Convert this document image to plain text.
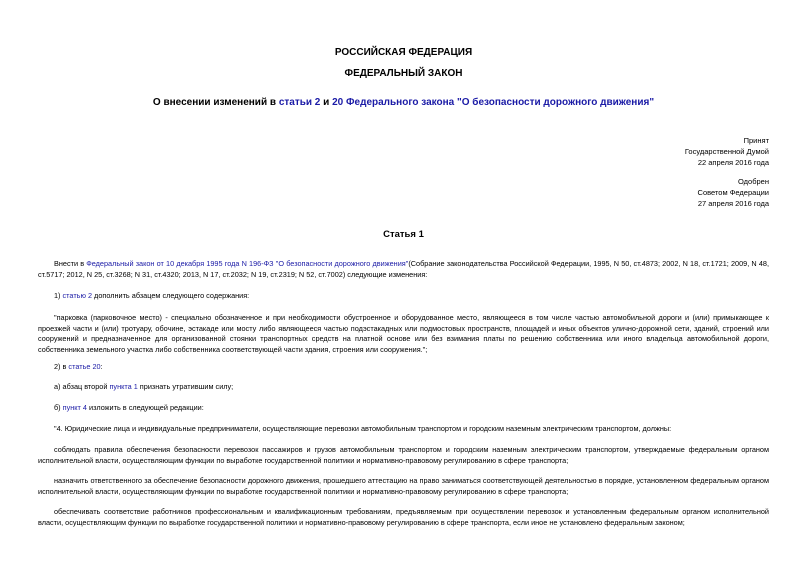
РОССИЙСКАЯ ФЕДЕРАЦИЯ
ФЕДЕРАЛЬНЫЙ ЗАКОН
О внесении изменений в статьи 2 и 20 Федерального закона "О безопасности дорожного движения"
Принят
Государственной Думой
22 апреля 2016 года
Одобрен
Советом Федерации
27 апреля 2016 года
Статья 1
Внести в Федеральный закон от 10 декабря 1995 года N 196-ФЗ "О безопасности дорожного движения"(Собрание законодательства Российской Федерации, 1995, N 50, ст.4873; 2002, N 18, ст.1721; 2009, N 48, ст.5717; 2012, N 25, ст.3268; N 31, ст.4320; 2013, N 17, ст.2032; N 19, ст.2319; N 52, ст.7002) следующие изменения:
1) статью 2 дополнить абзацем следующего содержания:
"парковка (парковочное место) - специально обозначенное и при необходимости обустроенное и оборудованное место, являющееся в том числе частью автомобильной дороги и (или) примыкающее к проезжей части и (или) тротуару, обочине, эстакаде или мосту либо являющееся частью подэстакадных или подмостовых пространств, площадей и иных объектов улично-дорожной сети, зданий, строений или сооружений и предназначенное для организованной стоянки транспортных средств на платной основе или без взимания платы по решению собственника или иного владельца автомобильной дороги, собственника земельного участка либо собственника соответствующей части здания, строения или сооружения.";
2) в статье 20:
а) абзац второй пункта 1 признать утратившим силу;
б) пункт 4 изложить в следующей редакции:
"4. Юридические лица и индивидуальные предприниматели, осуществляющие перевозки автомобильным транспортом и городским наземным электрическим транспортом, должны:
соблюдать правила обеспечения безопасности перевозок пассажиров и грузов автомобильным транспортом и городским наземным электрическим транспортом, утверждаемые федеральным органом исполнительной власти, осуществляющим функции по выработке государственной политики и нормативно-правовому регулированию в сфере транспорта;
назначить ответственного за обеспечение безопасности дорожного движения, прошедшего аттестацию на право заниматься соответствующей деятельностью в порядке, установленном федеральным органом исполнительной власти, осуществляющим функции по выработке государственной политики и нормативно-правовому регулированию в сфере транспорта;
обеспечивать соответствие работников профессиональным и квалификационным требованиям, предъявляемым при осуществлении перевозок и установленным федеральным органом исполнительной власти, осуществляющим функции по выработке государственной политики и нормативно-правовому регулированию в сфере транспорта, если иное не установлено федеральным законом;
